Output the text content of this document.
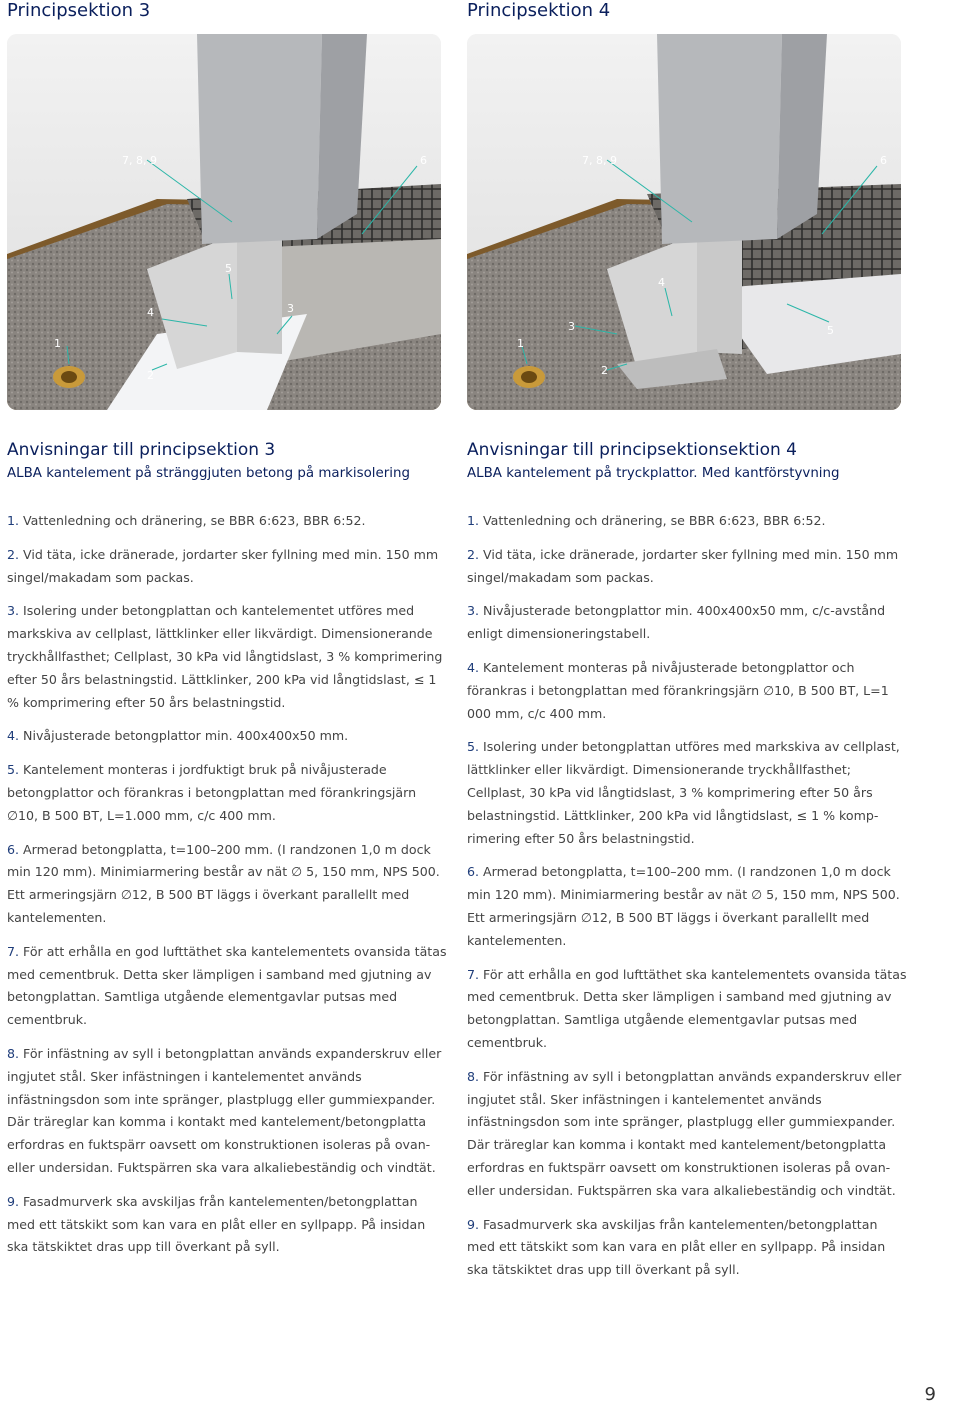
Principsektion 3	Principsektion 4
7, 8, 9	6
5
4	3
1
2
7, 8, 9	6
4
3	5
1
2
Anvisningar till principsektion 3
ALBA kantelement på stränggjuten betong på markisolering

1. Vattenledning och dränering, se BBR 6:623, BBR 6:52.

2. Vid täta, icke dränerade, jordarter sker fyllning med min. 150 mm singel/makadam som packas.

3. Isolering under betongplattan och kantelementet utföres med markskiva av cellplast, lättklinker eller likvärdigt. Dimensionerande tryckhållfasthet; Cellplast, 30 kPa vid långtidslast, 3 % komprimering efter 50 års belastningstid. Lättklinker, 200 kPa vid långtidslast, ≤ 1 % komprimering efter 50 års belastningstid.

4. Nivåjusterade betongplattor min. 400x400x50 mm.

5. Kantelement monteras i jordfuktigt bruk på nivåjusterade betongplattor och förankras i betongplattan med förankringsjärn ∅10, B 500 BT, L=1.000 mm, c/c 400 mm.

6. Armerad betongplatta, t=100–200 mm. (I randzonen 1,0 m dock min 120 mm). Minimiarmering består av nät ∅ 5, 150 mm, NPS 500. Ett armeringsjärn ∅12, B 500 BT läggs i överkant parallellt med kantelementen.

7. För att erhålla en god lufttäthet ska kantelementets ovansida tätas med cementbruk. Detta sker lämpligen i samband med gjutning av betongplattan. Samtliga utgående elementgavlar putsas med cementbruk.

8. För infästning av syll i betongplattan används expanderskruv eller ingjutet stål. Sker infästningen i kantelementet används infästningsdon som inte spränger, plastplugg eller gummiexpander. Där träreglar kan komma i kontakt med kantelement/betongplatta erfordras en fuktspärr oavsett om konstruktionen isoleras på ovan- eller undersidan. Fuktspärren ska vara alkaliebeständig och vindtät.

9. Fasadmurverk ska avskiljas från kantelementen/betongplattan med ett tätskikt som kan vara en plåt eller en syllpapp. På insidan ska tätskiktet dras upp till överkant på syll.

Anvisningar till principsektionsektion 4
ALBA kantelement på tryckplattor. Med kantförstyvning

1. Vattenledning och dränering, se BBR 6:623, BBR 6:52.

2. Vid täta, icke dränerade, jordarter sker fyllning med min. 150 mm singel/makadam som packas.

3. Nivåjusterade betongplattor min. 400x400x50 mm, c/c-avstånd enligt dimensioneringstabell.

4. Kantelement monteras på nivåjusterade betongplattor och förankras i betongplattan med förankringsjärn ∅10, B 500 BT, L=1 000 mm, c/c 400 mm.

5. Isolering under betongplattan utföres med markskiva av cellplast, lättklinker eller likvärdigt. Dimensionerande tryckhållfasthet; Cellplast, 30 kPa vid långtidslast, 3 % komprimering efter 50 års belastningstid. Lättklinker, 200 kPa vid långtidslast, ≤ 1 % komp-rimering efter 50 års belastningstid.

6. Armerad betongplatta, t=100–200 mm. (I randzonen 1,0 m dock min 120 mm). Minimiarmering består av nät ∅ 5, 150 mm, NPS 500. Ett armeringsjärn ∅12, B 500 BT läggs i överkant parallellt med kantelementen.

7. För att erhålla en god lufttäthet ska kantelementets ovansida tätas med cementbruk. Detta sker lämpligen i samband med gjutning av betongplattan. Samtliga utgående elementgavlar putsas med cementbruk.

8. För infästning av syll i betongplattan används expanderskruv eller ingjutet stål. Sker infästningen i kantelementet används infästningsdon som inte spränger, plastplugg eller gummiexpander. Där träreglar kan komma i kontakt med kantelement/betongplatta erfordras en fuktspärr oavsett om konstruktionen isoleras på ovan- eller undersidan. Fuktspärren ska vara alkaliebeständig och vindtät.

9. Fasadmurverk ska avskiljas från kantelementen/betongplattan med ett tätskikt som kan vara en plåt eller en syllpapp. På insidan ska tätskiktet dras upp till överkant på syll.

9
